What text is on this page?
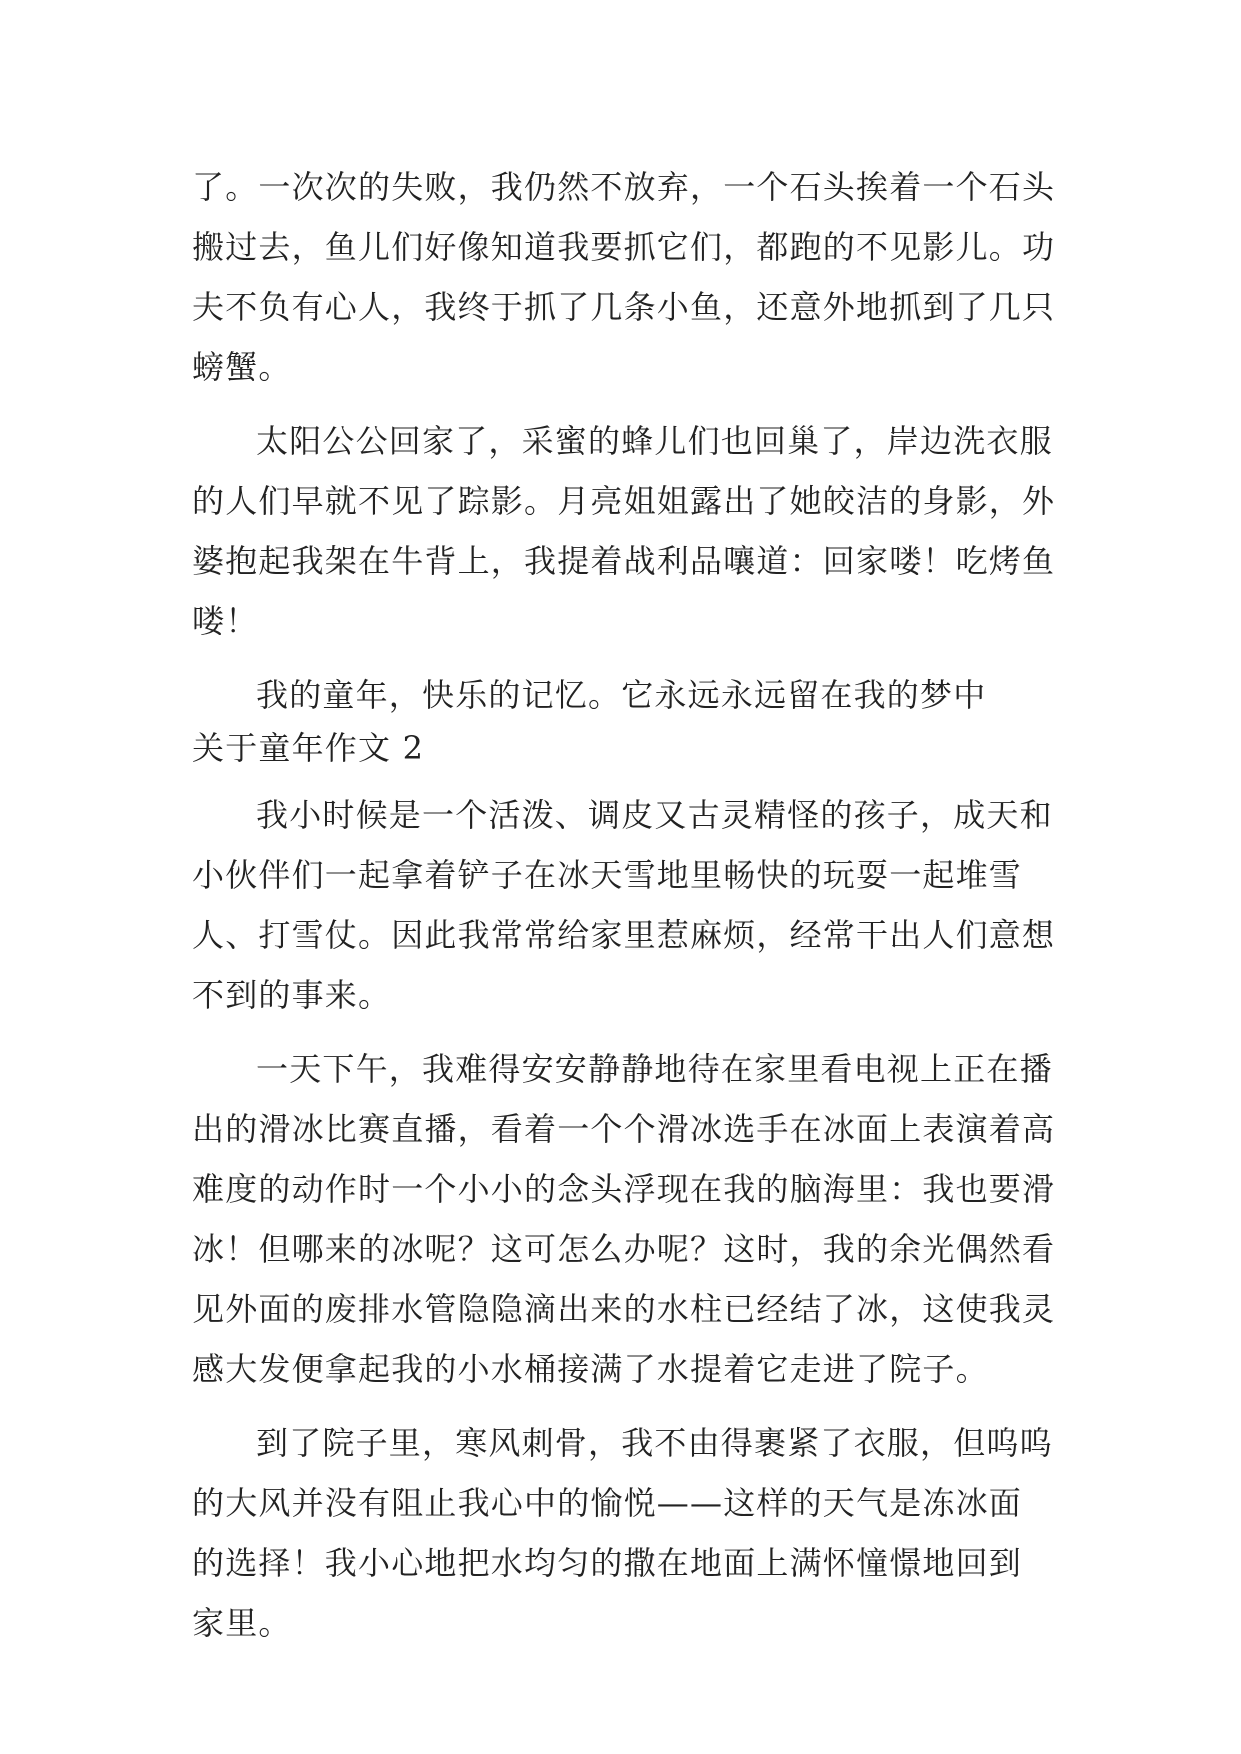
了。一次次的失败，我仍然不放弃，一个石头挨着一个石头
搬过去，鱼儿们好像知道我要抓它们，都跑的不见影儿。功
夫不负有心人，我终于抓了几条小鱼，还意外地抓到了几只
螃蟹。
太阳公公回家了，采蜜的蜂儿们也回巢了，岸边洗衣服
的人们早就不见了踪影。月亮姐姐露出了她皎洁的身影，外
婆抱起我架在牛背上，我提着战利品嚷道：回家喽！吃烤鱼
喽！
我的童年，快乐的记忆。它永远永远留在我的梦中
关于童年作文 2
我小时候是一个活泼、调皮又古灵精怪的孩子，成天和
小伙伴们一起拿着铲子在冰天雪地里畅快的玩耍一起堆雪
人、打雪仗。因此我常常给家里惹麻烦，经常干出人们意想
不到的事来。
一天下午，我难得安安静静地待在家里看电视上正在播
出的滑冰比赛直播，看着一个个滑冰选手在冰面上表演着高
难度的动作时一个小小的念头浮现在我的脑海里：我也要滑
冰！但哪来的冰呢？这可怎么办呢？这时，我的余光偶然看
见外面的废排水管隐隐滴出来的水柱已经结了冰，这使我灵
感大发便拿起我的小水桶接满了水提着它走进了院子。
到了院子里，寒风刺骨，我不由得裹紧了衣服，但呜呜
的大风并没有阻止我心中的愉悦——这样的天气是冻冰面
的选择！我小心地把水均匀的撒在地面上满怀憧憬地回到
家里。
